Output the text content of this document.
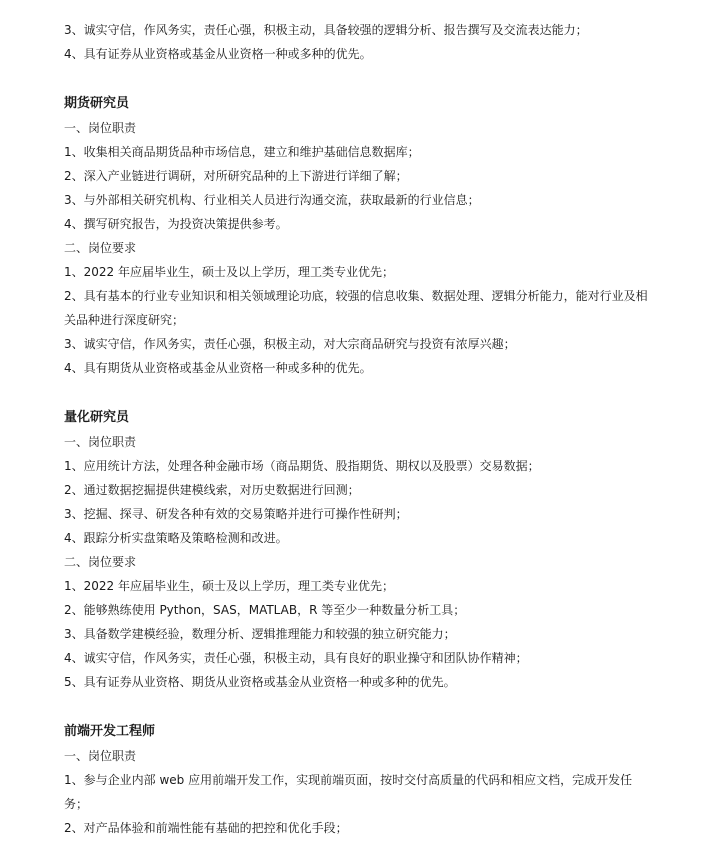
3、诚实守信，作风务实，责任心强，积极主动，具备较强的逻辑分析、报告撰写及交流表达能力；
4、具有证券从业资格或基金从业资格一种或多种的优先。
期货研究员
一、岗位职责
1、收集相关商品期货品种市场信息，建立和维护基础信息数据库；
2、深入产业链进行调研，对所研究品种的上下游进行详细了解；
3、与外部相关研究机构、行业相关人员进行沟通交流，获取最新的行业信息；
4、撰写研究报告，为投资决策提供参考。
二、岗位要求
1、2022 年应届毕业生，硕士及以上学历，理工类专业优先；
2、具有基本的行业专业知识和相关领域理论功底，较强的信息收集、数据处理、逻辑分析能力，能对行业及相关品种进行深度研究；
3、诚实守信，作风务实，责任心强，积极主动，对大宗商品研究与投资有浓厚兴趣；
4、具有期货从业资格或基金从业资格一种或多种的优先。
量化研究员
一、岗位职责
1、应用统计方法，处理各种金融市场（商品期货、股指期货、期权以及股票）交易数据；
2、通过数据挖掘提供建模线索，对历史数据进行回测；
3、挖掘、探寻、研发各种有效的交易策略并进行可操作性研判；
4、跟踪分析实盘策略及策略检测和改进。
二、岗位要求
1、2022 年应届毕业生，硕士及以上学历，理工类专业优先；
2、能够熟练使用 Python，SAS，MATLAB，R 等至少一种数量分析工具；
3、具备数学建模经验，数理分析、逻辑推理能力和较强的独立研究能力；
4、诚实守信，作风务实，责任心强，积极主动，具有良好的职业操守和团队协作精神；
5、具有证券从业资格、期货从业资格或基金从业资格一种或多种的优先。
前端开发工程师
一、岗位职责
1、参与企业内部 web 应用前端开发工作，实现前端页面，按时交付高质量的代码和相应文档，完成开发任务；
2、对产品体验和前端性能有基础的把控和优化手段；
